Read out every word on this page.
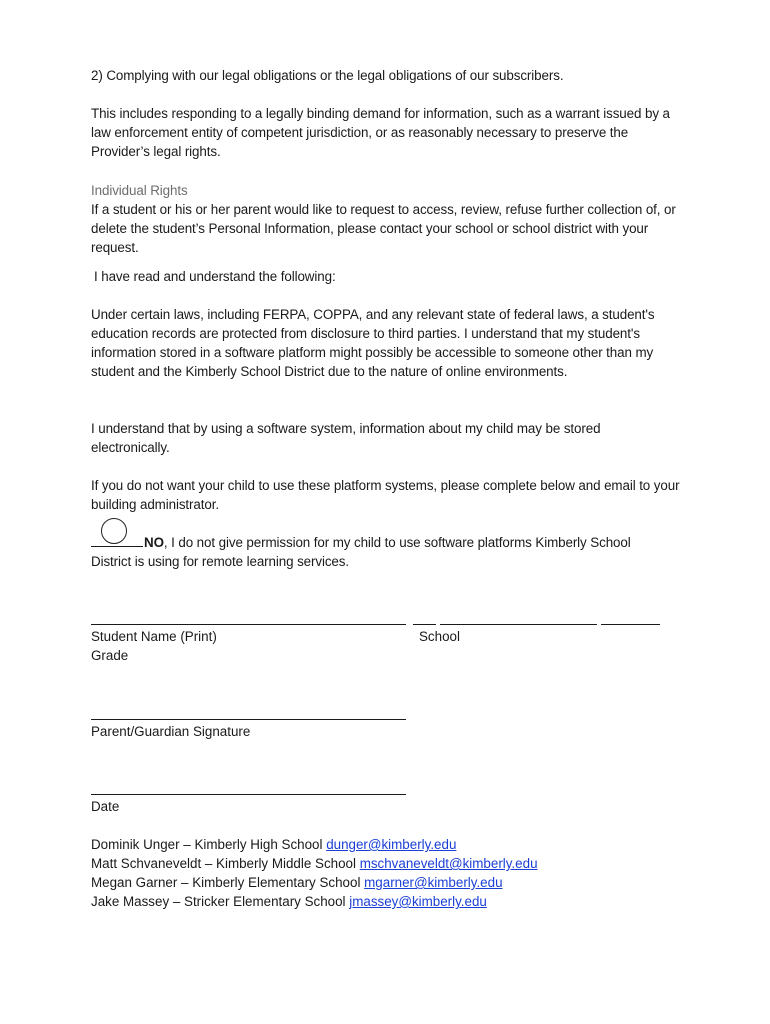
2) Complying with our legal obligations or the legal obligations of our subscribers.
This includes responding to a legally binding demand for information, such as a warrant issued by a law enforcement entity of competent jurisdiction, or as reasonably necessary to preserve the Provider’s legal rights.
Individual Rights
If a student or his or her parent would like to request to access, review, refuse further collection of, or delete the student’s Personal Information, please contact your school or school district with your request.
I have read and understand the following:
Under certain laws, including FERPA, COPPA, and any relevant state of federal laws, a student's education records are protected from disclosure to third parties. I understand that my student's information stored in a software platform might possibly be accessible to someone other than my student and the Kimberly School District due to the nature of online environments.
I understand that by using a software system, information about my child may be stored electronically.
If you do not want your child to use these platform systems, please complete below and email to your building administrator.
NO, I do not give permission for my child to use software platforms Kimberly School District is using for remote learning services.
Student Name (Print)	School
Grade
Parent/Guardian Signature
Date
Dominik Unger – Kimberly High School dunger@kimberly.edu
Matt Schvaneveldt – Kimberly Middle School mschvaneveldt@kimberly.edu
Megan Garner – Kimberly Elementary School mgarner@kimberly.edu
Jake Massey – Stricker Elementary School jmassey@kimberly.edu
